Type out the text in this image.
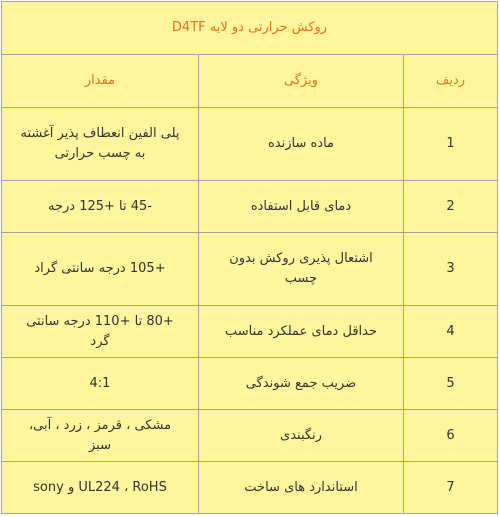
روکش حرارتی دو لایه D4TF		
ردیف	ویژگی	مقدار
1	ماده سازنده	پلی الفین انعطاف پذیر آغشته به چسب حرارتی
2	دمای قابل استفاده	-45 تا +125 درجه
3	اشتعال پذیری روکش بدون چسب	+105 درجه سانتی گراد
4	حداقل دمای عملکرد مناسب	+80 تا +110 درجه سانتی گرد
5	ضریب جمع شوندگی	4:1
6	رنگبندی	مشکی ، قرمز ، زرد ، آبی، سبز
7	استاندارد های ساخت	UL224 ، RoHS و sony
